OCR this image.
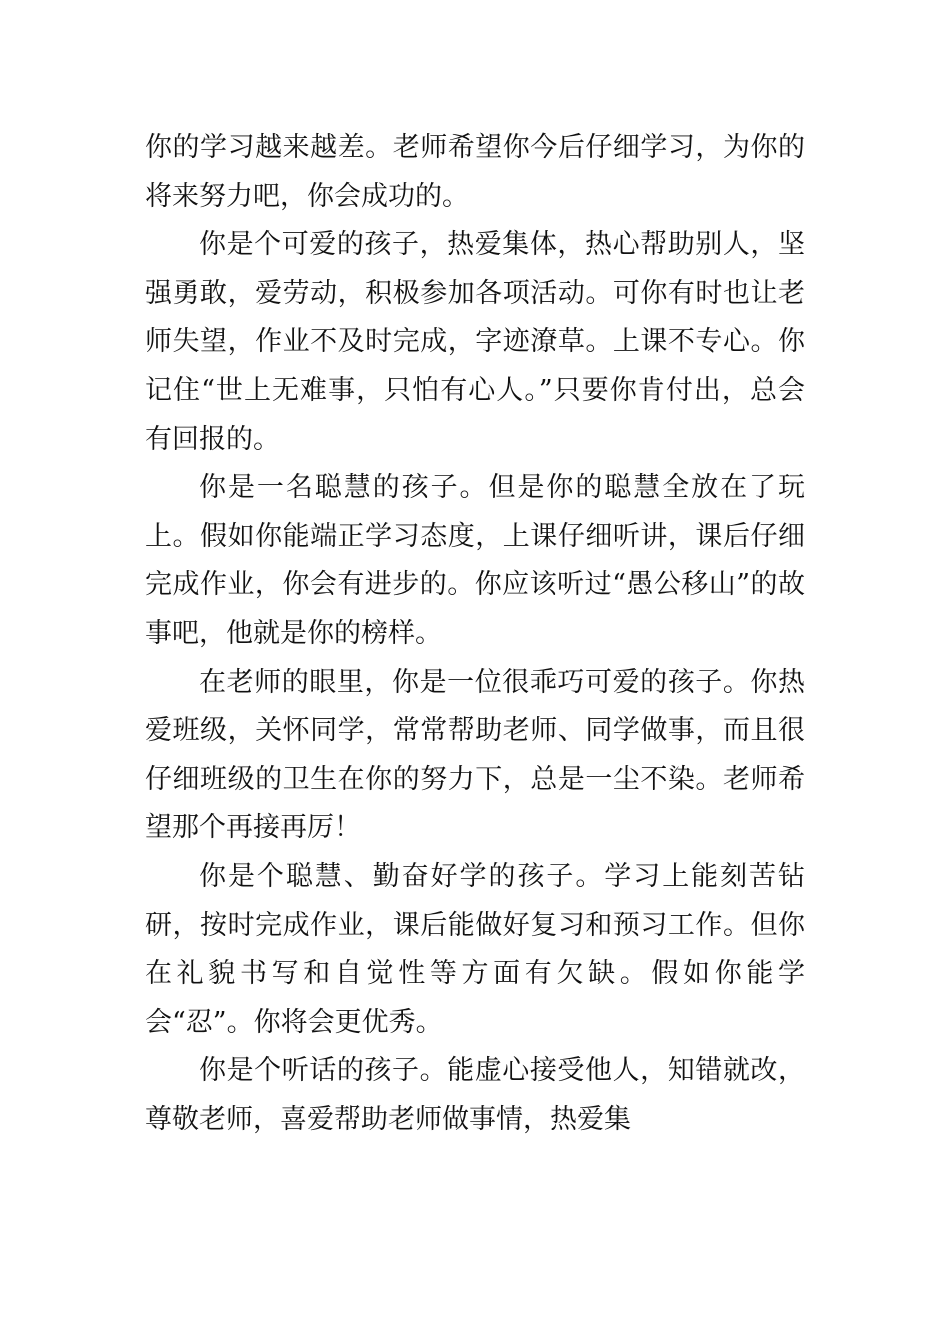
你的学习越来越差。老师希望你今后仔细学习，为你的将来努力吧，你会成功的。

你是个可爱的孩子，热爱集体，热心帮助别人，坚强勇敢，爱劳动，积极参加各项活动。可你有时也让老师失望，作业不及时完成，字迹潦草。上课不专心。你记住“世上无难事，只怕有心人。”只要你肯付出，总会有回报的。

你是一名聪慧的孩子。但是你的聪慧全放在了玩上。假如你能端正学习态度，上课仔细听讲，课后仔细完成作业，你会有进步的。你应该听过“愚公移山”的故事吧，他就是你的榜样。

在老师的眼里，你是一位很乖巧可爱的孩子。你热爱班级，关怀同学，常常帮助老师、同学做事，而且很仔细班级的卫生在你的努力下，总是一尘不染。老师希望那个再接再厉！

你是个聪慧、勤奋好学的孩子。学习上能刻苦钻研，按时完成作业，课后能做好复习和预习工作。但你在礼貌书写和自觉性等方面有欠缺。假如你能学会“忍”。你将会更优秀。

你是个听话的孩子。能虚心接受他人，知错就改，尊敬老师，喜爱帮助老师做事情，热爱集
